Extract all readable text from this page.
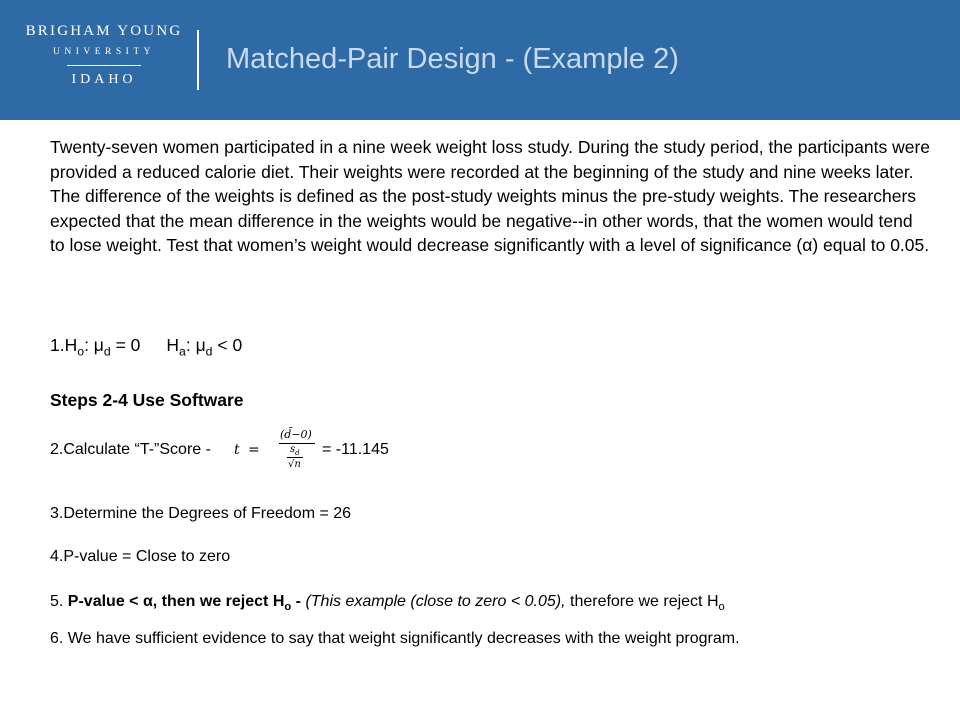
BRIGHAM YOUNG
UNIVERSITY
IDAHO
Matched-Pair Design - (Example 2)

Twenty-seven women participated in a nine week weight loss study. During the study period, the participants were provided a reduced calorie diet. Their weights were recorded at the beginning of the study and nine weeks later. The difference of the weights is defined as the post-study weights minus the pre-study weights. The researchers expected that the mean difference in the weights would be negative--in other words, that the women would tend to lose weight. Test that women’s weight would decrease significantly with a level of significance (α) equal to 0.05.

$1.H_o$: $\mu_d = 0$ $H_a$: $\mu_d < 0$
Steps 2-4 Use Software
2.Calculate “T-”Score - t =
(d̄−0)
$s_d$
√n
= -11.145
3.Determine the Degrees of Freedom = 26
4.P-value = Close to zero
5. P-value < α, then we reject $H_o$ - (This example (close to zero < 0.05), therefore we reject $H_o$
6. We have sufficient evidence to say that weight significantly decreases with the weight program.
